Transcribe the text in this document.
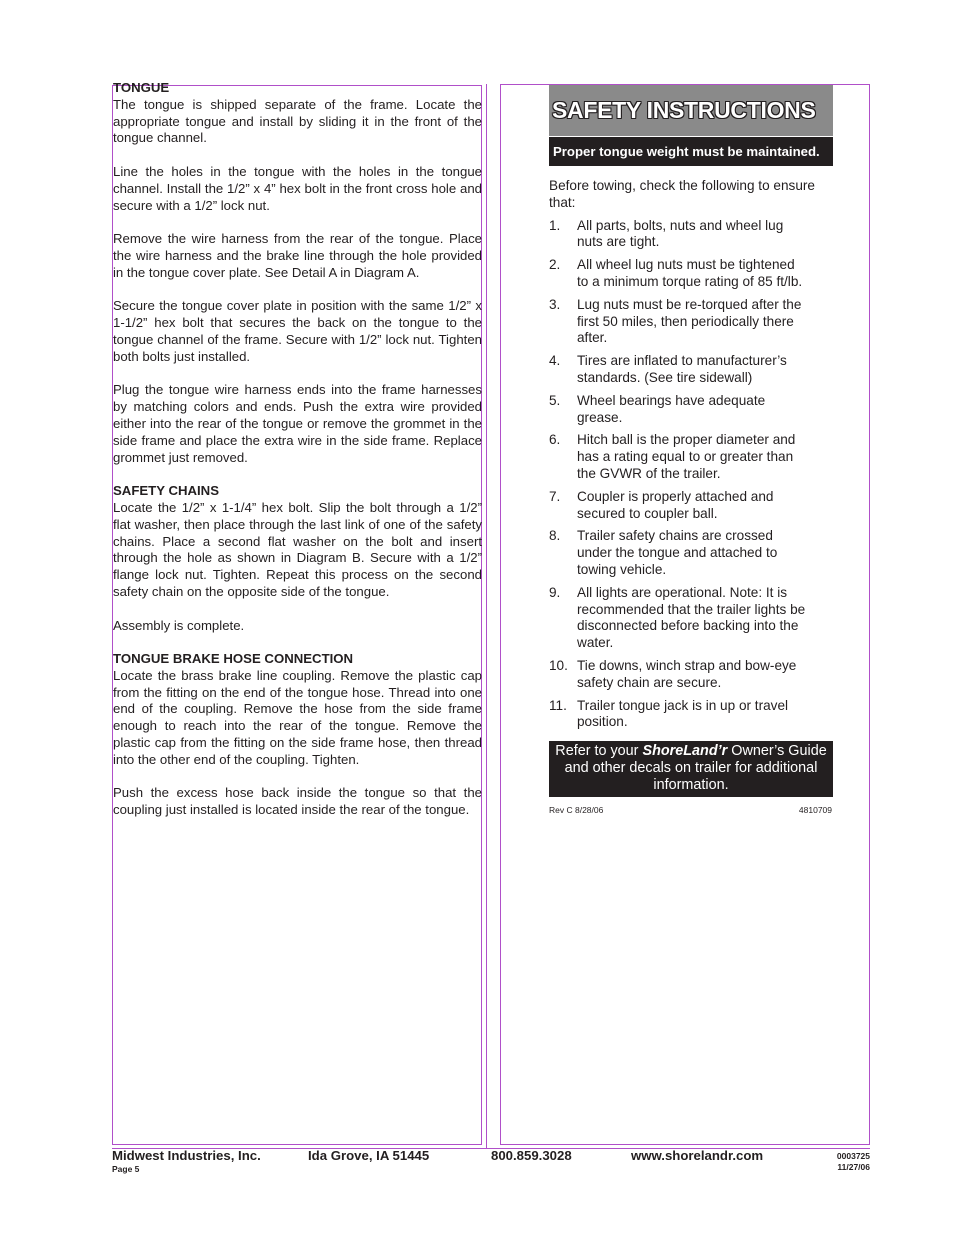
TONGUE

The tongue is shipped separate of the frame. Locate the appropriate tongue and install by sliding it in the front of the tongue channel.

Line the holes in the tongue with the holes in the tongue channel. Install the 1/2” x 4” hex bolt in the front cross hole and secure with a 1/2” lock nut.

Remove the wire harness from the rear of the tongue. Place the wire harness and the brake line through the hole provided in the tongue cover plate. See Detail A in Diagram A.

Secure the tongue cover plate in position with the same 1/2” x 1-1/2” hex bolt that secures the back on the tongue to the tongue channel of the frame. Secure with 1/2” lock nut. Tighten both bolts just installed.

Plug the tongue wire harness ends into the frame harnesses by matching colors and ends. Push the extra wire provided either into the rear of the tongue or remove the grommet in the side frame and place the extra wire in the side frame. Replace grommet just removed.

SAFETY CHAINS

Locate the 1/2” x 1-1/4” hex bolt. Slip the bolt through a 1/2” flat washer, then place through the last link of one of the safety chains. Place a second flat washer on the bolt and insert through the hole as shown in Diagram B. Secure with a 1/2” flange lock nut. Tighten. Repeat this process on the second safety chain on the opposite side of the tongue.

Assembly is complete.

TONGUE BRAKE HOSE CONNECTION

Locate the brass brake line coupling. Remove the plastic cap from the fitting on the end of the tongue hose. Thread into one end of the coupling. Remove the hose from the side frame enough to reach into the rear of the tongue. Remove the plastic cap from the fitting on the side frame hose, then thread into the other end of the coupling. Tighten.

Push the excess hose back inside the tongue so that the coupling just installed is located inside the rear of the tongue.

SAFETY INSTRUCTIONS
Proper tongue weight must be maintained.
Before towing, check the following to ensure that:
1.	All parts, bolts, nuts and wheel lug nuts are tight.
2.	All wheel lug nuts must be tightened to a minimum torque rating of 85 ft/lb.
3.	Lug nuts must be re-torqued after the first 50 miles, then periodically there after.
4.	Tires are inflated to manufacturer’s standards. (See tire sidewall)
5.	Wheel bearings have adequate grease.
6.	Hitch ball is the proper diameter and has a rating equal to or greater than the GVWR of the trailer.
7.	Coupler is properly attached and secured to coupler ball.
8.	Trailer safety chains are crossed under the tongue and attached to towing vehicle.
9.	All lights are operational. Note: It is recommended that the trailer lights be disconnected before backing into the water.
10. Tie downs, winch strap and bow-eye safety chain are secure.
11. Trailer tongue jack is in up or travel position.
Refer to your ShoreLand’r Owner’s Guide and other decals on trailer for additional information.
Rev C 8/28/06	4810709
Midwest Industries, Inc.	Ida Grove, IA 51445	800.859.3028	www.shorelandr.com
Page 5
0003725
11/27/06
